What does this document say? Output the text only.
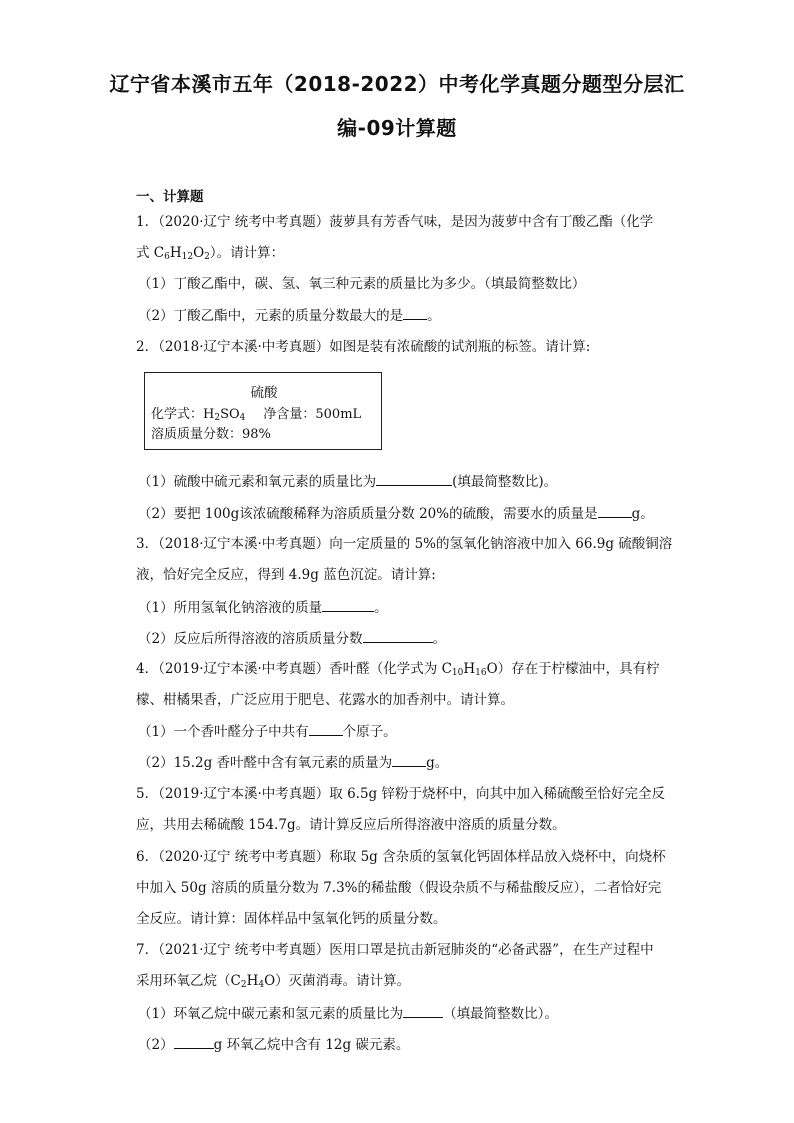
辽宁省本溪市五年（2018-2022）中考化学真题分题型分层汇
编-09计算题
一、计算题
1．（2020·辽宁 统考中考真题）菠萝具有芳香气味，是因为菠萝中含有丁酸乙酯（化学
式 $C_6H_{12}O_2$）。请计算：
（1）丁酸乙酯中，碳、氢、氧三种元素的质量比为多少。（填最简整数比）
（2）丁酸乙酯中，元素的质量分数最大的是 。
2．（2018·辽宁本溪·中考真题）如图是装有浓硫酸的试剂瓶的标签。请计算:
硫酸
化学式：$H_2SO_4$ 净含量：500mL
溶质质量分数：98%
（1）硫酸中硫元素和氧元素的质量比为	(填最简整数比)。
（2）要把 100g该浓硫酸稀释为溶质质量分数 20%的硫酸，需要水的质量是	g。
3．（2018·辽宁本溪·中考真题）向一定质量的 5%的氢氧化钠溶液中加入 66.9g 硫酸铜溶
液，恰好完全反应，得到 4.9g 蓝色沉淀。请计算:
（1）所用氢氧化钠溶液的质量	。
（2）反应后所得溶液的溶质质量分数	。
4．（2019·辽宁本溪·中考真题）香叶醛（化学式为 $C_{10}H_{16}O$）存在于柠檬油中，具有柠
檬、柑橘果香，广泛应用于肥皂、花露水的加香剂中。请计算。
（1）一个香叶醛分子中共有	个原子。
（2）15.2g 香叶醛中含有氧元素的质量为	g。
5．（2019·辽宁本溪·中考真题）取 6.5g 锌粉于烧杯中，向其中加入稀硫酸至恰好完全反
应，共用去稀硫酸 154.7g。请计算反应后所得溶液中溶质的质量分数。
6．（2020·辽宁 统考中考真题）称取 5g 含杂质的氢氧化钙固体样品放入烧杯中，向烧杯
中加入 50g 溶质的质量分数为 7.3%的稀盐酸（假设杂质不与稀盐酸反应），二者恰好完
全反应。请计算：固体样品中氢氧化钙的质量分数。
7．（2021·辽宁 统考中考真题）医用口罩是抗击新冠肺炎的“必备武器”，在生产过程中
采用环氧乙烷$(C_2H_4O)$灭菌消毒。请计算。
（1）环氧乙烷中碳元素和氢元素的质量比为	（填最简整数比）。
（2）	g 环氧乙烷中含有 12g 碳元素。
